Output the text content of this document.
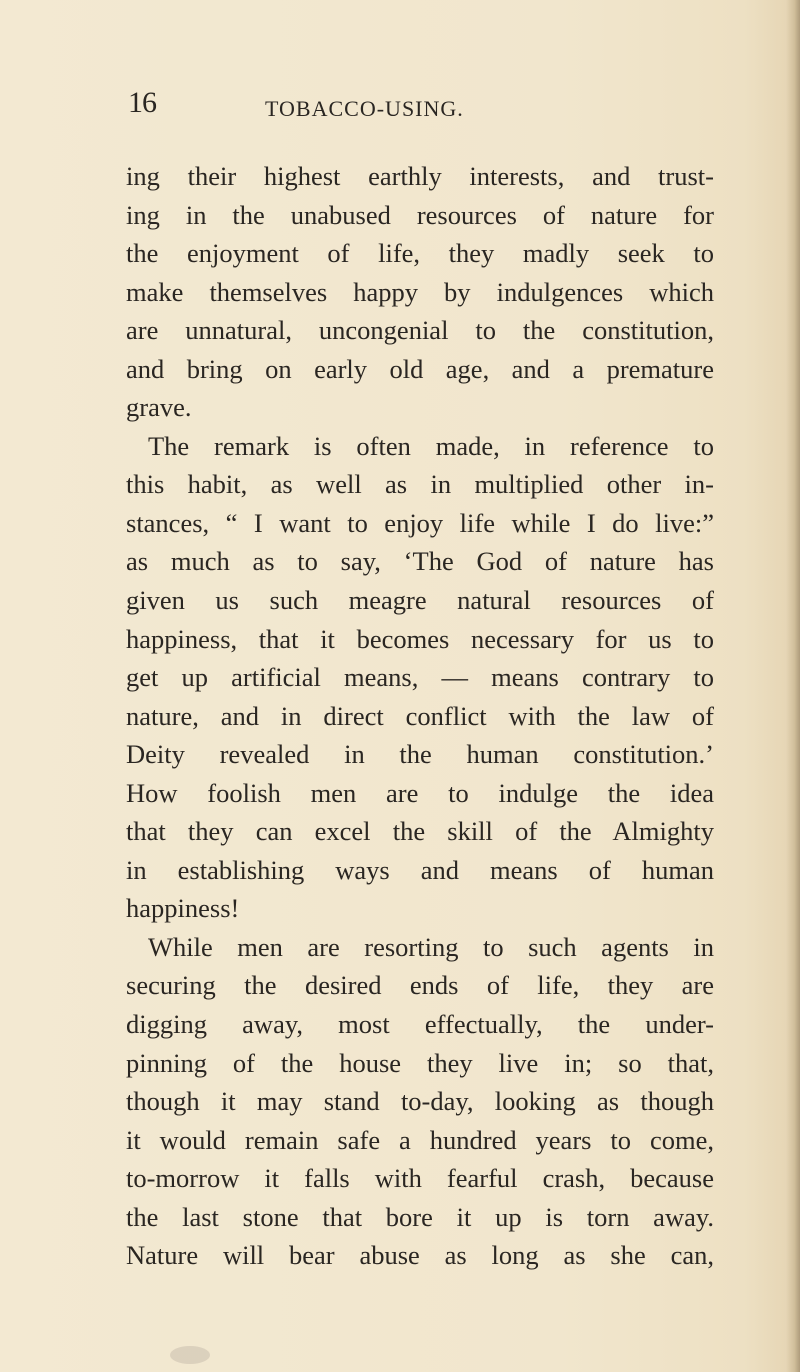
16	TOBACCO-USING.
ing their highest earthly interests, and trust-
ing in the unabused resources of nature for
the enjoyment of life, they madly seek to
make themselves happy by indulgences which
are unnatural, uncongenial to the constitution,
and bring on early old age, and a premature
grave.
The remark is often made, in reference to
this habit, as well as in multiplied other in-
stances, “ I want to enjoy life while I do live:”
as much as to say, ‘The God of nature has
given us such meagre natural resources of
happiness, that it becomes necessary for us to
get up artificial means, — means contrary to
nature, and in direct conflict with the law of
Deity revealed in the human constitution.’
How foolish men are to indulge the idea
that they can excel the skill of the Almighty
in establishing ways and means of human
happiness!
While men are resorting to such agents in
securing the desired ends of life, they are
digging away, most effectually, the under-
pinning of the house they live in; so that,
though it may stand to-day, looking as though
it would remain safe a hundred years to come,
to-morrow it falls with fearful crash, because
the last stone that bore it up is torn away.
Nature will bear abuse as long as she can,
